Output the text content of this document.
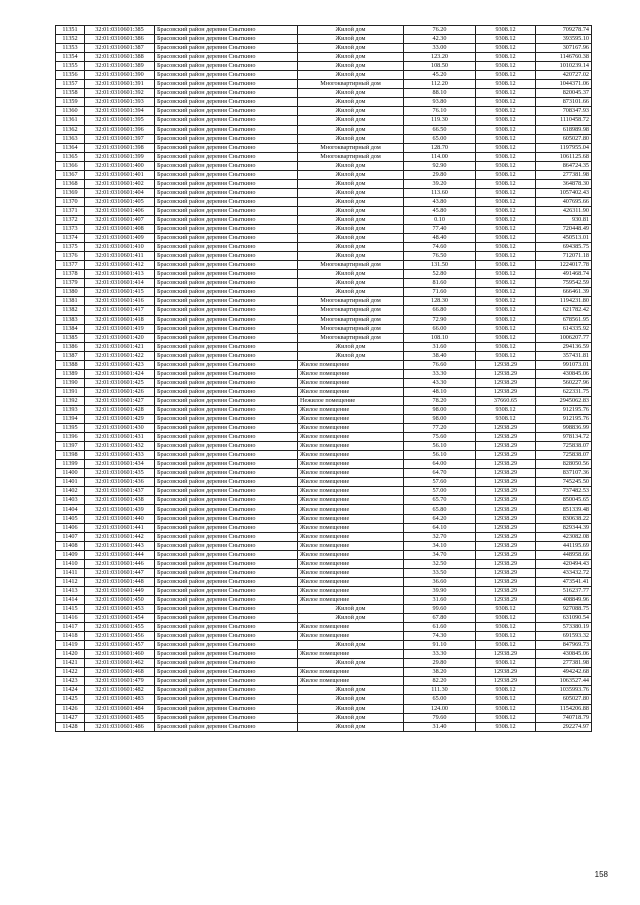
11351	32:01:0310601:385	Брасовский район деревня Сныткино	Жилой дом	76.20	9308.12	709278.74
11352	32:01:0310601:386	Брасовский район деревня Сныткино	Жилой дом	42.30	9308.12	393595.10
11353	32:01:0310601:387	Брасовский район деревня Сныткино	Жилой дом	33.00	9308.12	307167.96
11354	32:01:0310601:388	Брасовский район деревня Сныткино	Жилой дом	123.20	9308.12	1146760.38
11355	32:01:0310601:389	Брасовский район деревня Сныткино	Жилой дом	108.50	9308.12	1010239.14
11356	32:01:0310601:390	Брасовский район деревня Сныткино	Жилой дом	45.20	9308.12	420727.02
11357	32:01:0310601:391	Брасовский район деревня Сныткино	Многоквартирный дом	112.20	9308.12	1044371.06
11358	32:01:0310601:392	Брасовский район деревня Сныткино	Жилой дом	88.10	9308.12	820045.37
11359	32:01:0310601:393	Брасовский район деревня Сныткино	Жилой дом	93.80	9308.12	873101.66
11360	32:01:0310601:394	Брасовский район деревня Сныткино	Жилой дом	76.10	9308.12	708347.93
11361	32:01:0310601:395	Брасовский район деревня Сныткино	Жилой дом	119.30	9308.12	1110458.72
11362	32:01:0310601:396	Брасовский район деревня Сныткино	Жилой дом	66.50	9308.12	618989.98
11363	32:01:0310601:397	Брасовский район деревня Сныткино	Жилой дом	65.00	9308.12	605027.80
11364	32:01:0310601:398	Брасовский район деревня Сныткино	Многоквартирный дом	128.70	9308.12	1197955.04
11365	32:01:0310601:399	Брасовский район деревня Сныткино	Многоквартирный дом	114.00	9308.12	1061125.68
11366	32:01:0310601:400	Брасовский район деревня Сныткино	Жилой дом	92.90	9308.12	864724.35
11367	32:01:0310601:401	Брасовский район деревня Сныткино	Жилой дом	29.80	9308.12	277381.98
11368	32:01:0310601:402	Брасовский район деревня Сныткино	Жилой дом	39.20	9308.12	364878.30
11369	32:01:0310601:404	Брасовский район деревня Сныткино	Жилой дом	113.60	9308.12	1057402.43
11370	32:01:0310601:405	Брасовский район деревня Сныткино	Жилой дом	43.80	9308.12	407695.66
11371	32:01:0310601:406	Брасовский район деревня Сныткино	Жилой дом	45.80	9308.12	426311.90
11372	32:01:0310601:407	Брасовский район деревня Сныткино	Жилой дом	0.10	9308.12	930.81
11373	32:01:0310601:408	Брасовский район деревня Сныткино	Жилой дом	77.40	9308.12	720448.49
11374	32:01:0310601:409	Брасовский район деревня Сныткино	Жилой дом	48.40	9308.12	450513.01
11375	32:01:0310601:410	Брасовский район деревня Сныткино	Жилой дом	74.60	9308.12	694385.75
11376	32:01:0310601:411	Брасовский район деревня Сныткино	Жилой дом	76.50	9308.12	712071.18
11377	32:01:0310601:412	Брасовский район деревня Сныткино	Многоквартирный дом	131.50	9308.12	1224017.78
11378	32:01:0310601:413	Брасовский район деревня Сныткино	Жилой дом	52.80	9308.12	491468.74
11379	32:01:0310601:414	Брасовский район деревня Сныткино	Жилой дом	81.60	9308.12	759542.59
11380	32:01:0310601:415	Брасовский район деревня Сныткино	Жилой дом	71.60	9308.12	666461.39
11381	32:01:0310601:416	Брасовский район деревня Сныткино	Многоквартирный дом	128.30	9308.12	1194231.80
11382	32:01:0310601:417	Брасовский район деревня Сныткино	Многоквартирный дом	66.80	9308.12	621782.42
11383	32:01:0310601:418	Брасовский район деревня Сныткино	Многоквартирный дом	72.90	9308.12	678561.95
11384	32:01:0310601:419	Брасовский район деревня Сныткино	Многоквартирный дом	66.00	9308.12	614335.92
11385	32:01:0310601:420	Брасовский район деревня Сныткино	Многоквартирный дом	108.10	9308.12	1006207.77
11386	32:01:0310601:421	Брасовский район деревня Сныткино	Жилой дом	31.60	9308.12	294136.59
11387	32:01:0310601:422	Брасовский район деревня Сныткино	Жилой дом	38.40	9308.12	357431.81
11388	32:01:0310601:423	Брасовский район деревня Сныткино	Жилое помещение	76.60	12938.29	991073.01
11389	32:01:0310601:424	Брасовский район деревня Сныткино	Жилое помещение	33.30	12938.29	430845.06
11390	32:01:0310601:425	Брасовский район деревня Сныткино	Жилое помещение	43.30	12938.29	560227.96
11391	32:01:0310601:426	Брасовский район деревня Сныткино	Жилое помещение	48.10	12938.29	622331.75
11392	32:01:0310601:427	Брасовский район деревня Сныткино	Нежилое помещение	78.20	37660.65	2945062.83
11393	32:01:0310601:428	Брасовский район деревня Сныткино	Жилое помещение	98.00	9308.12	912195.76
11394	32:01:0310601:429	Брасовский район деревня Сныткино	Жилое помещение	98.00	9308.12	912195.76
11395	32:01:0310601:430	Брасовский район деревня Сныткино	Жилое помещение	77.20	12938.29	998836.99
11396	32:01:0310601:431	Брасовский район деревня Сныткино	Жилое помещение	75.60	12938.29	978134.72
11397	32:01:0310601:432	Брасовский район деревня Сныткино	Жилое помещение	56.10	12938.29	725838.07
11398	32:01:0310601:433	Брасовский район деревня Сныткино	Жилое помещение	56.10	12938.29	725838.07
11399	32:01:0310601:434	Брасовский район деревня Сныткино	Жилое помещение	64.00	12938.29	828050.56
11400	32:01:0310601:435	Брасовский район деревня Сныткино	Жилое помещение	64.70	12938.29	837107.36
11401	32:01:0310601:436	Брасовский район деревня Сныткино	Жилое помещение	57.60	12938.29	745245.50
11402	32:01:0310601:437	Брасовский район деревня Сныткино	Жилое помещение	57.00	12938.29	737482.53
11403	32:01:0310601:438	Брасовский район деревня Сныткино	Жилое помещение	65.70	12938.29	850045.65
11404	32:01:0310601:439	Брасовский район деревня Сныткино	Жилое помещение	65.80	12938.29	851339.48
11405	32:01:0310601:440	Брасовский район деревня Сныткино	Жилое помещение	64.20	12938.29	830638.22
11406	32:01:0310601:441	Брасовский район деревня Сныткино	Жилое помещение	64.10	12938.29	829344.39
11407	32:01:0310601:442	Брасовский район деревня Сныткино	Жилое помещение	32.70	12938.29	423082.08
11408	32:01:0310601:443	Брасовский район деревня Сныткино	Жилое помещение	34.10	12938.29	441195.69
11409	32:01:0310601:444	Брасовский район деревня Сныткино	Жилое помещение	34.70	12938.29	448958.66
11410	32:01:0310601:446	Брасовский район деревня Сныткино	Жилое помещение	32.50	12938.29	420494.43
11411	32:01:0310601:447	Брасовский район деревня Сныткино	Жилое помещение	33.50	12938.29	433432.72
11412	32:01:0310601:448	Брасовский район деревня Сныткино	Жилое помещение	36.60	12938.29	473541.41
11413	32:01:0310601:449	Брасовский район деревня Сныткино	Жилое помещение	39.90	12938.29	516237.77
11414	32:01:0310601:450	Брасовский район деревня Сныткино	Жилое помещение	31.60	12938.29	408849.96
11415	32:01:0310601:453	Брасовский район деревня Сныткино	Жилой дом	99.60	9308.12	927088.75
11416	32:01:0310601:454	Брасовский район деревня Сныткино	Жилой дом	67.80	9308.12	631090.54
11417	32:01:0310601:455	Брасовский район деревня Сныткино	Жилое помещение	61.60	9308.12	573380.19
11418	32:01:0310601:456	Брасовский район деревня Сныткино	Жилое помещение	74.30	9308.12	691593.32
11419	32:01:0310601:457	Брасовский район деревня Сныткино	Жилой дом	91.10	9308.12	847969.73
11420	32:01:0310601:460	Брасовский район деревня Сныткино	Жилое помещение	33.30	12938.29	430845.06
11421	32:01:0310601:462	Брасовский район деревня Сныткино	Жилой дом	29.80	9308.12	277381.98
11422	32:01:0310601:468	Брасовский район деревня Сныткино	Жилое помещение	38.20	12938.29	494242.68
11423	32:01:0310601:479	Брасовский район деревня Сныткино	Жилое помещение	82.20	12938.29	1063527.44
11424	32:01:0310601:482	Брасовский район деревня Сныткино	Жилой дом	111.30	9308.12	1035993.76
11425	32:01:0310601:483	Брасовский район деревня Сныткино	Жилой дом	65.00	9308.12	605027.80
11426	32:01:0310601:484	Брасовский район деревня Сныткино	Жилой дом	124.00	9308.12	1154206.88
11427	32:01:0310601:485	Брасовский район деревня Сныткино	Жилой дом	79.60	9308.12	740718.79
11428	32:01:0310601:486	Брасовский район деревня Сныткино	Жилой дом	31.40	9308.12	292274.97
158
